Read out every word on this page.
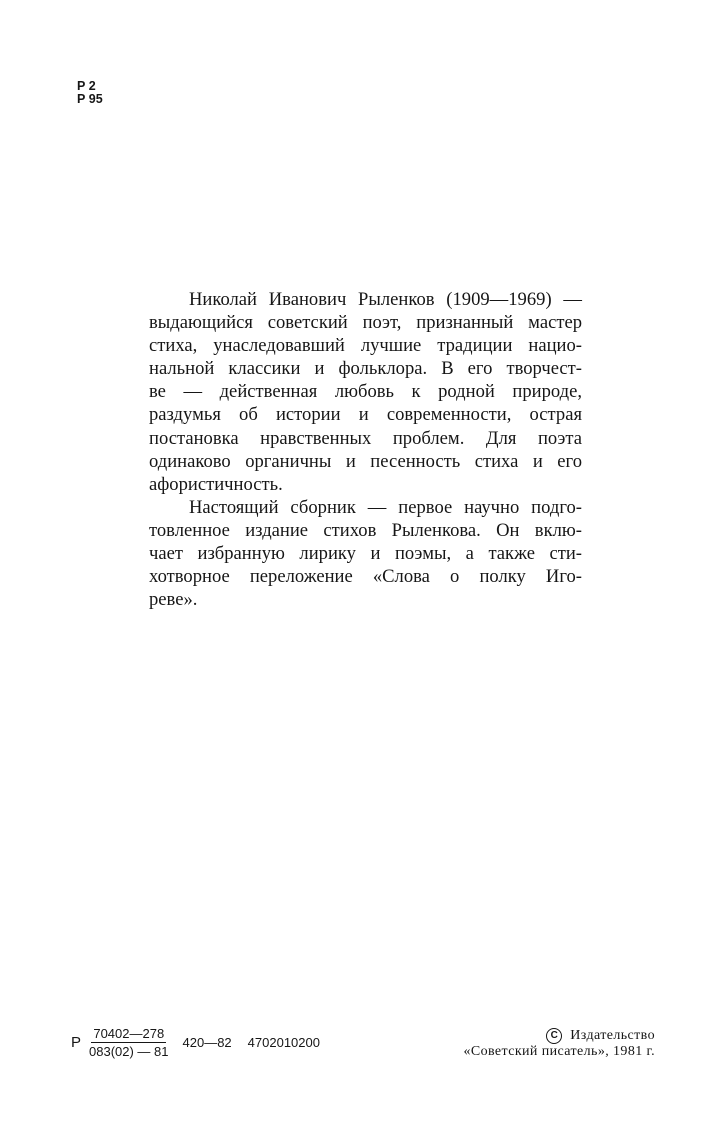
Р 2
Р 95
Николай Иванович Рыленков (1909—1969) —
выдающийся советский поэт, признанный мастер
стиха, унаследовавший лучшие традиции нацио-
нальной классики и фольклора. В его творчест-
ве — действенная любовь к родной природе,
раздумья об истории и современности, острая
постановка нравственных проблем. Для поэта
одинаково органичны и песенность стиха и его
афористичность.
Настоящий сборник — первое научно подго-
товленное издание стихов Рыленкова. Он вклю-
чает избранную лирику и поэмы, а также сти-
хотворное переложение «Слова о полку Иго-
реве».
Р $\frac{70402—278}{083(02) — 81}$ 420—82 4702010200	C Издательство
«Советский писатель», 1981 г.
